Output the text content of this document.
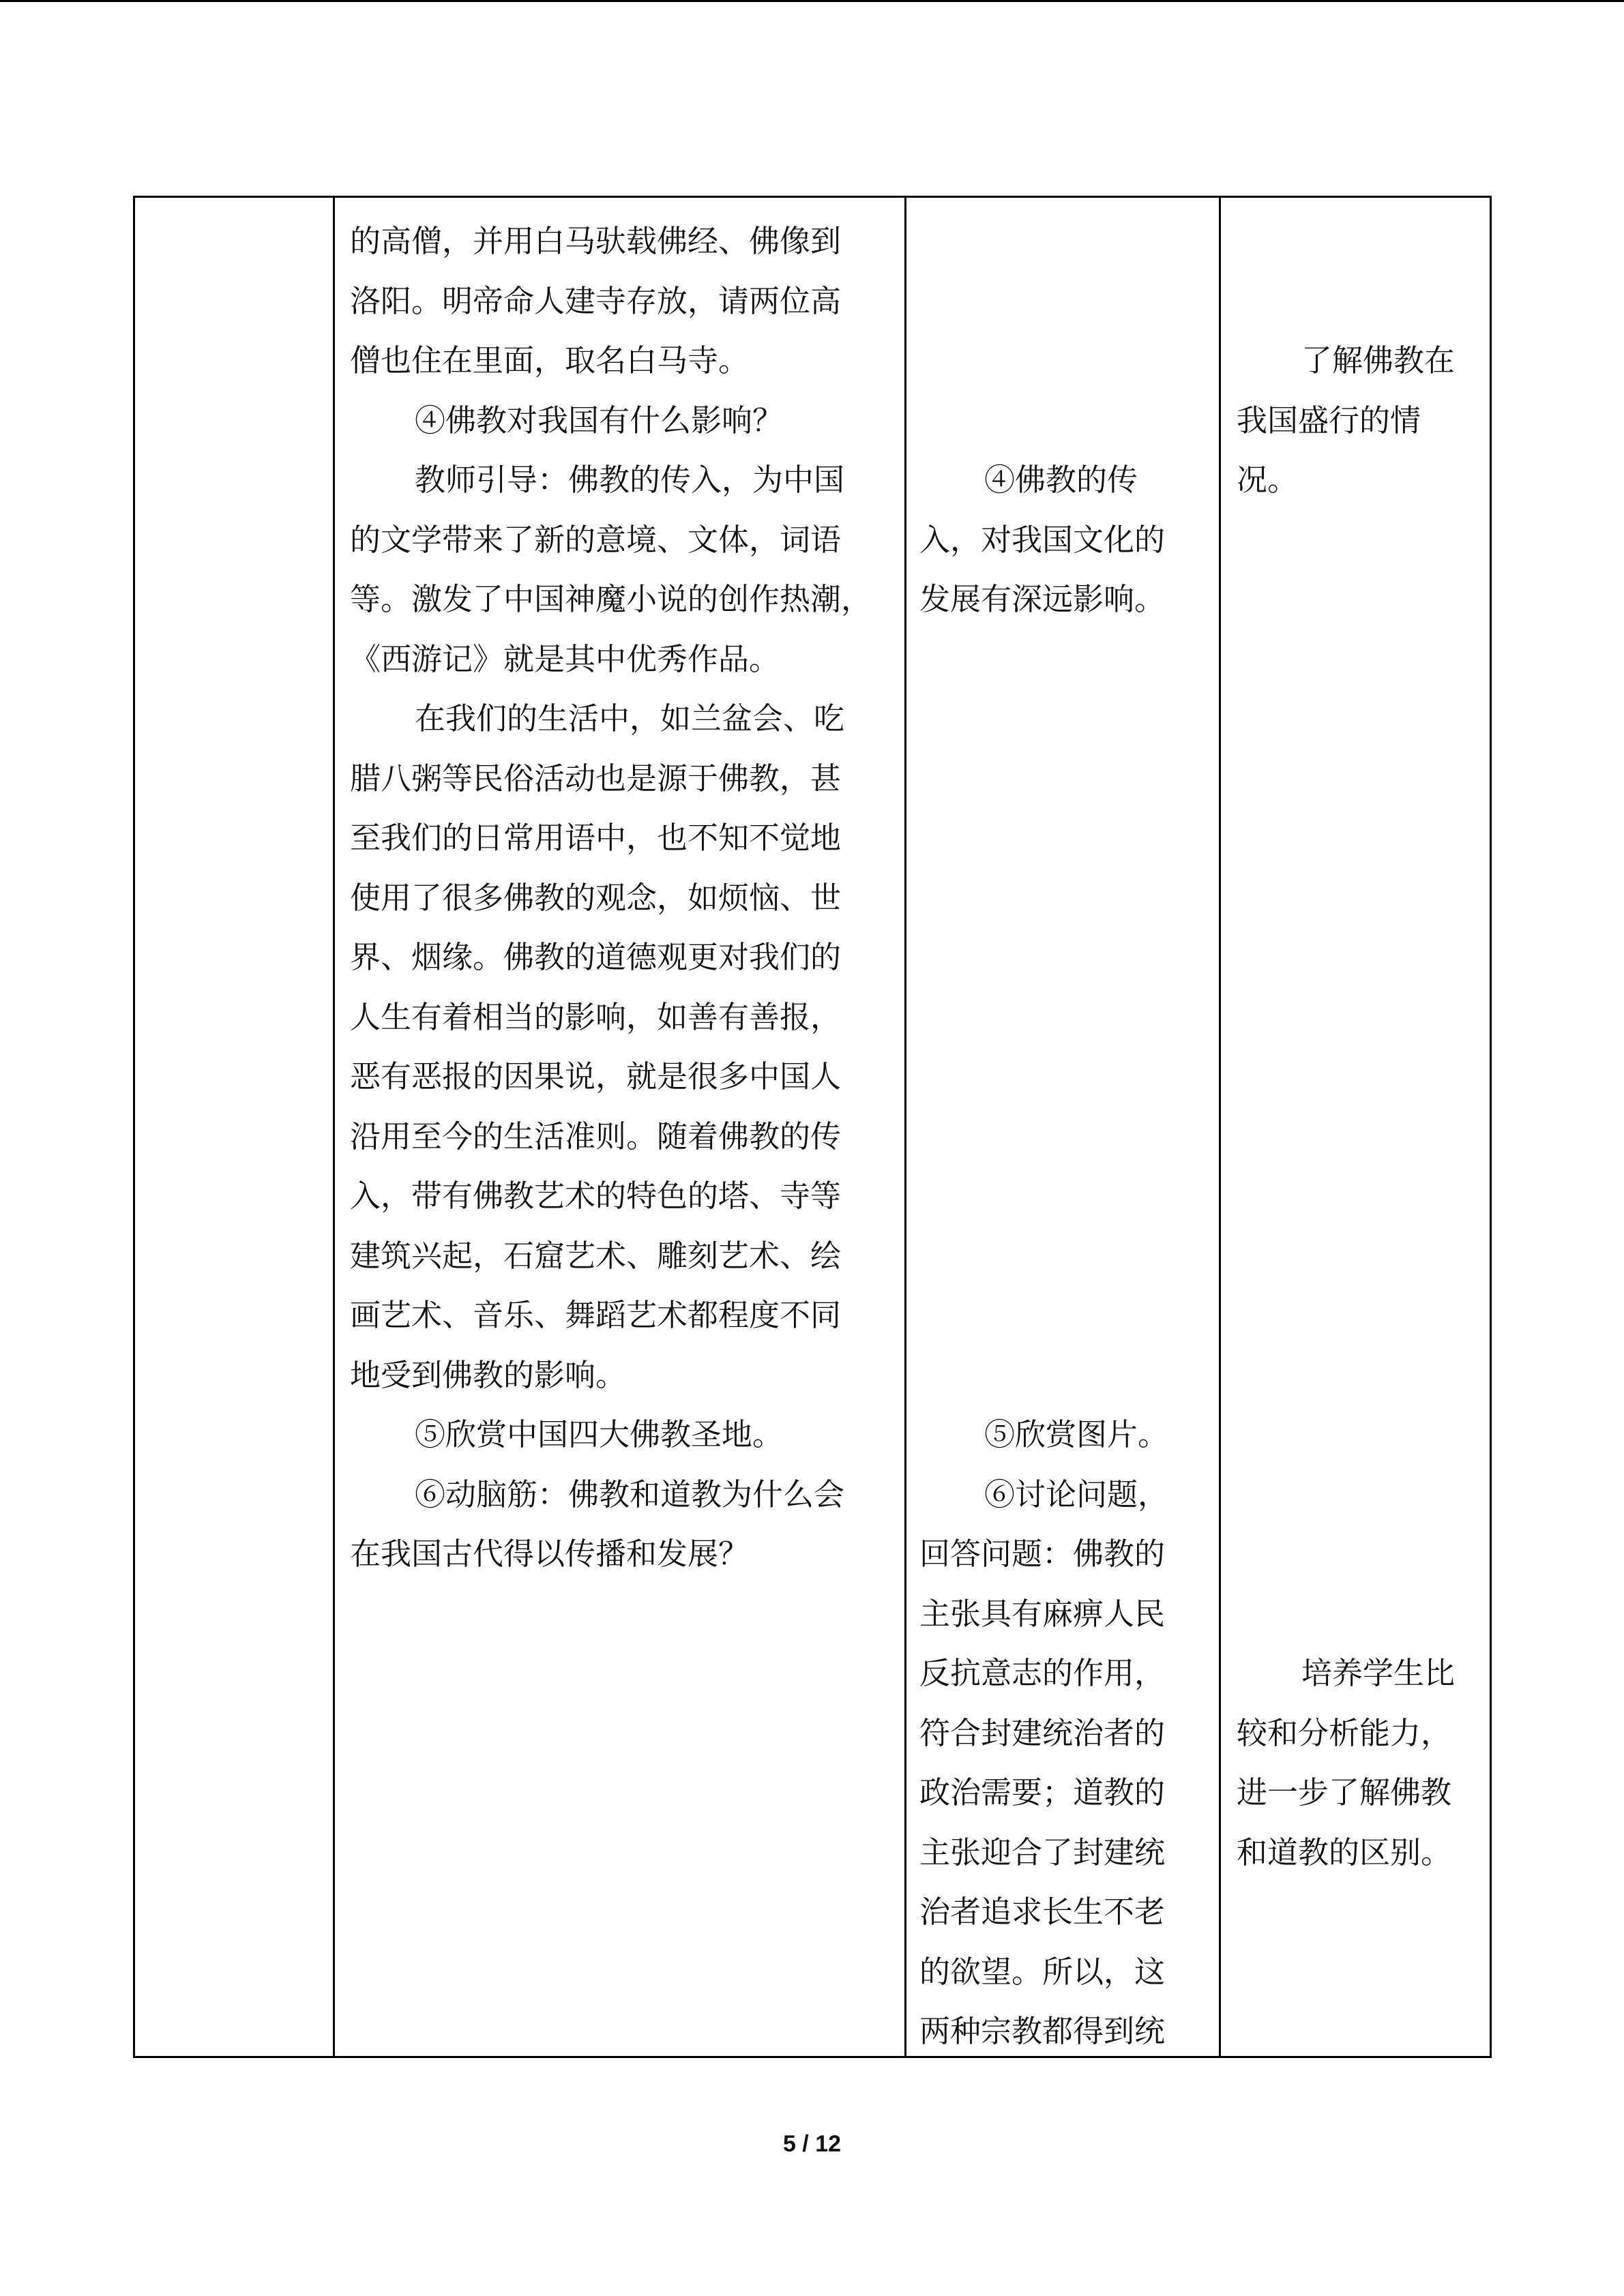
的高僧，并用白马驮载佛经、佛像到
洛阳。明帝命人建寺存放，请两位高
僧也住在里面，取名白马寺。
④佛教对我国有什么影响？
教师引导：佛教的传入，为中国
的文学带来了新的意境、文体，词语
等。激发了中国神魔小说的创作热潮，
《西游记》就是其中优秀作品。
在我们的生活中，如兰盆会、吃
腊八粥等民俗活动也是源于佛教，甚
至我们的日常用语中，也不知不觉地
使用了很多佛教的观念，如烦恼、世
界、烟缘。佛教的道德观更对我们的
人生有着相当的影响，如善有善报，
恶有恶报的因果说，就是很多中国人
沿用至今的生活准则。随着佛教的传
入，带有佛教艺术的特色的塔、寺等
建筑兴起，石窟艺术、雕刻艺术、绘
画艺术、音乐、舞蹈艺术都程度不同
地受到佛教的影响。
⑤欣赏中国四大佛教圣地。
⑥动脑筋：佛教和道教为什么会
在我国古代得以传播和发展？
④佛教的传
入，对我国文化的
发展有深远影响。
⑤欣赏图片。
⑥讨论问题，
回答问题：佛教的
主张具有麻痹人民
反抗意志的作用，
符合封建统治者的
政治需要；道教的
主张迎合了封建统
治者追求长生不老
的欲望。所以，这
两种宗教都得到统
了解佛教在
我国盛行的情
况。
培养学生比
较和分析能力，
进一步了解佛教
和道教的区别。
5 / 12
